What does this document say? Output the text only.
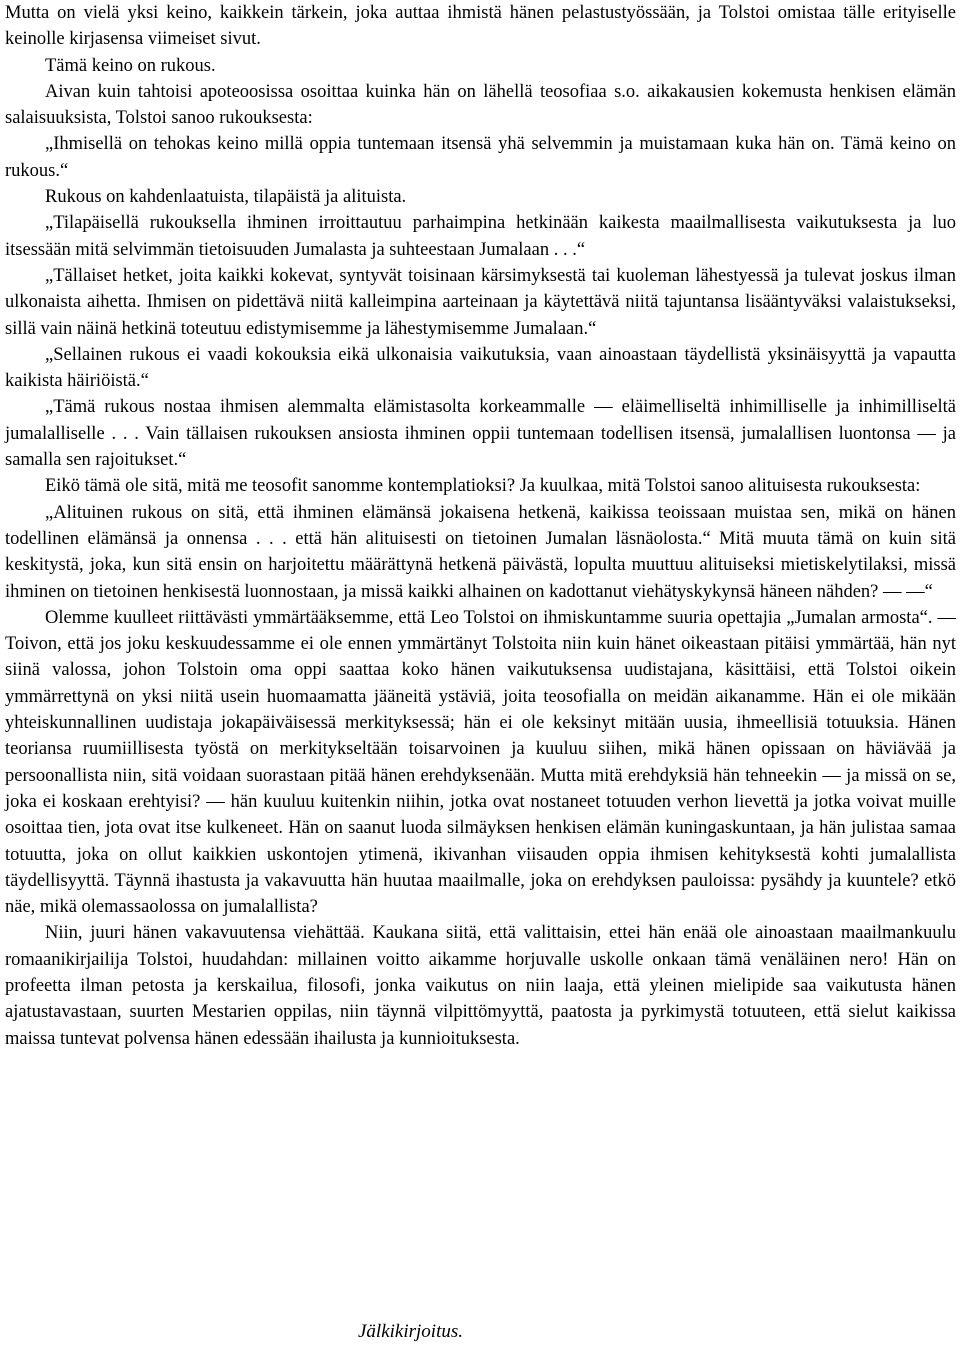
Mutta on vielä yksi keino, kaikkein tärkein, joka auttaa ihmistä hänen pelastustyössään, ja Tolstoi omistaa tälle erityiselle keinolle kirjasensa viimeiset sivut.

Tämä keino on rukous.

Aivan kuin tahtoisi apoteoosissa osoittaa kuinka hän on lähellä teosofiaa s.o. aikakausien kokemusta henkisen elämän salaisuuksista, Tolstoi sanoo rukouksesta:

„Ihmisellä on tehokas keino millä oppia tuntemaan itsensä yhä selvemmin ja muistamaan kuka hän on. Tämä keino on rukous.“

Rukous on kahdenlaatuista, tilapäistä ja alituista.

„Tilapäisellä rukouksella ihminen irroittautuu parhaimpina hetkinään kaikesta maailmallisesta vaikutuksesta ja luo itsessään mitä selvimmän tietoisuuden Jumalasta ja suhteestaan Jumalaan . . .“

„Tällaiset hetket, joita kaikki kokevat, syntyvät toisinaan kärsimyksestä tai kuoleman lähestyessä ja tulevat joskus ilman ulkonaista aihetta. Ihmisen on pidettävä niitä kalleimpina aarteinaan ja käytettävä niitä tajuntansa lisääntyväksi valaistukseksi, sillä vain näinä hetkinä toteutuu edistymisemme ja lähestymisemme Jumalaan.“

„Sellainen rukous ei vaadi kokouksia eikä ulkonaisia vaikutuksia, vaan ainoastaan täydellistä yksinäisyyttä ja vapautta kaikista häiriöistä.“

„Tämä rukous nostaa ihmisen alemmalta elämistasolta korkeammalle — eläimelliseltä inhimilliselle ja inhimilliseltä jumalalliselle . . . Vain tällaisen rukouksen ansiosta ihminen oppii tuntemaan todellisen itsensä, jumalallisen luontonsa — ja samalla sen rajoitukset.“

Eikö tämä ole sitä, mitä me teosofit sanomme kontemplatioksi? Ja kuulkaa, mitä Tolstoi sanoo alituisesta rukouksesta:

„Alituinen rukous on sitä, että ihminen elämänsä jokaisena hetkenä, kaikissa teoissaan muistaa sen, mikä on hänen todellinen elämänsä ja onnensa . . . että hän alituisesti on tietoinen Jumalan läsnäolosta.“ Mitä muuta tämä on kuin sitä keskitystä, joka, kun sitä ensin on harjoitettu määrättynä hetkenä päivästä, lopulta muuttuu alituiseksi mietiskelytilaksi, missä ihminen on tietoinen henkisestä luonnostaan, ja missä kaikki alhainen on kadottanut viehätyskykynsä häneen nähden? — —“

Olemme kuulleet riittävästi ymmärtääksemme, että Leo Tolstoi on ihmiskuntamme suuria opettajia „Jumalan armosta“. — Toivon, että jos joku keskuudessamme ei ole ennen ymmärtänyt Tolstoita niin kuin hänet oikeastaan pitäisi ymmärtää, hän nyt siinä valossa, johon Tolstoin oma oppi saattaa koko hänen vaikutuksensa uudistajana, käsittäisi, että Tolstoi oikein ymmärrettynä on yksi niitä usein huomaamatta jääneitä ystäviä, joita teosofialla on meidän aikanamme. Hän ei ole mikään yhteiskunnallinen uudistaja jokapäiväisessä merkityksessä; hän ei ole keksinyt mitään uusia, ihmeellisiä totuuksia. Hänen teoriansa ruumiillisesta työstä on merkitykseltään toisarvoinen ja kuuluu siihen, mikä hänen opissaan on häviävää ja persoonallista niin, sitä voidaan suorastaan pitää hänen erehdyksenään. Mutta mitä erehdyksiä hän tehneekin — ja missä on se, joka ei koskaan erehtyisi? — hän kuuluu kuitenkin niihin, jotka ovat nostaneet totuuden verhon lievettä ja jotka voivat muille osoittaa tien, jota ovat itse kulkeneet. Hän on saanut luoda silmäyksen henkisen elämän kuningaskuntaan, ja hän julistaa samaa totuutta, joka on ollut kaikkien uskontojen ytimenä, ikivanhan viisauden oppia ihmisen kehityksestä kohti jumalallista täydellisyyttä. Täynnä ihastusta ja vakavuutta hän huutaa maailmalle, joka on erehdyksen pauloissa: pysähdy ja kuuntele? etkö näe, mikä olemassaolossa on jumalallista?

Niin, juuri hänen vakavuutensa viehättää. Kaukana siitä, että valittaisin, ettei hän enää ole ainoastaan maailmankuulu romaanikirjailija Tolstoi, huudahdan: millainen voitto aikamme horjuvalle uskolle onkaan tämä venäläinen nero! Hän on profeetta ilman petosta ja kerskailua, filosofi, jonka vaikutus on niin laaja, että yleinen mielipide saa vaikutusta hänen ajatustavastaan, suurten Mestarien oppilas, niin täynnä vilpittömyyttä, paatosta ja pyrkimystä totuuteen, että sielut kaikissa maissa tuntevat polvensa hänen edessään ihailusta ja kunnioituksesta.

Jälkikirjoitus.
